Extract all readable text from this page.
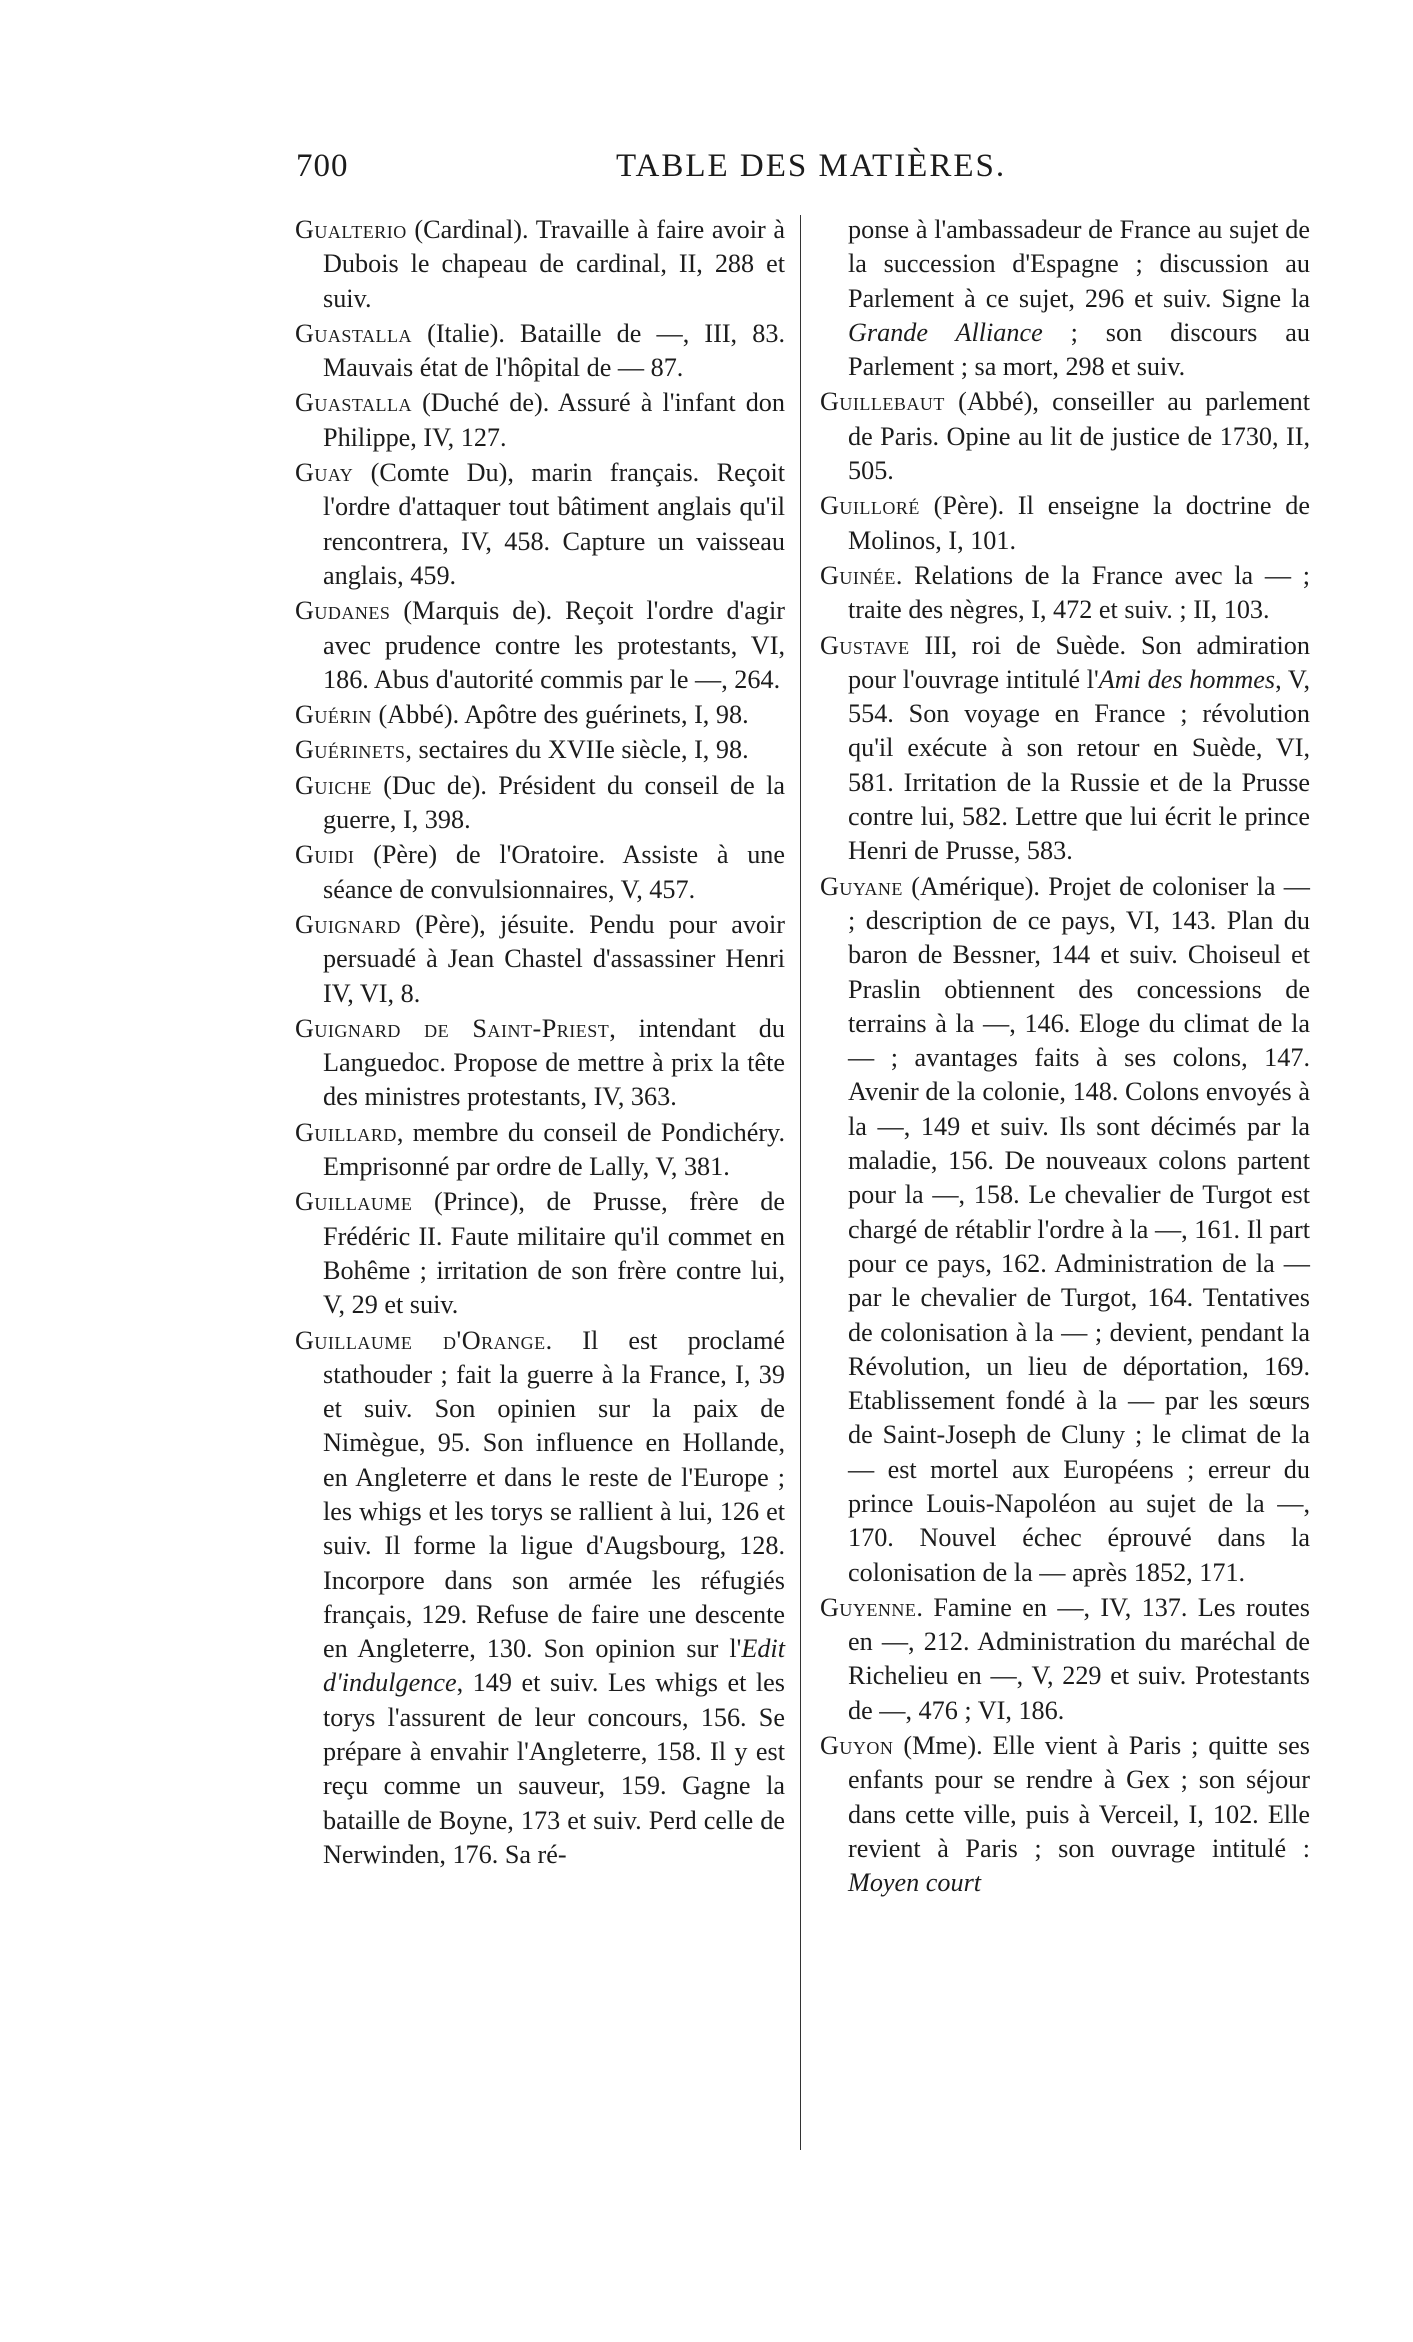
700	TABLE DES MATIÈRES.

Gualterio (Cardinal). Travaille à faire avoir à Dubois le chapeau de cardinal, II, 288 et suiv.

Guastalla (Italie). Bataille de —, III, 83. Mauvais état de l'hôpital de — 87.

Guastalla (Duché de). Assuré à l'infant don Philippe, IV, 127.

Guay (Comte Du), marin français. Reçoit l'ordre d'attaquer tout bâtiment anglais qu'il rencontrera, IV, 458. Capture un vaisseau anglais, 459.

Gudanes (Marquis de). Reçoit l'ordre d'agir avec prudence contre les protestants, VI, 186. Abus d'autorité commis par le —, 264.

Guérin (Abbé). Apôtre des guérinets, I, 98.

Guérinets, sectaires du XVIIe siècle, I, 98.

Guiche (Duc de). Président du conseil de la guerre, I, 398.

Guidi (Père) de l'Oratoire. Assiste à une séance de convulsionnaires, V, 457.

Guignard (Père), jésuite. Pendu pour avoir persuadé à Jean Chastel d'assassiner Henri IV, VI, 8.

Guignard de Saint-Priest, intendant du Languedoc. Propose de mettre à prix la tête des ministres protestants, IV, 363.

Guillard, membre du conseil de Pondichéry. Emprisonné par ordre de Lally, V, 381.

Guillaume (Prince), de Prusse, frère de Frédéric II. Faute militaire qu'il commet en Bohême ; irritation de son frère contre lui, V, 29 et suiv.

Guillaume d'Orange. Il est proclamé stathouder ; fait la guerre à la France, I, 39 et suiv. Son opinien sur la paix de Nimègue, 95. Son influence en Hollande, en Angleterre et dans le reste de l'Europe ; les whigs et les torys se rallient à lui, 126 et suiv. Il forme la ligue d'Augsbourg, 128. Incorpore dans son armée les réfugiés français, 129. Refuse de faire une descente en Angleterre, 130. Son opinion sur l'Edit d'indulgence, 149 et suiv. Les whigs et les torys l'assurent de leur concours, 156. Se prépare à envahir l'Angleterre, 158. Il y est reçu comme un sauveur, 159. Gagne la bataille de Boyne, 173 et suiv. Perd celle de Nerwinden, 176. Sa ré-

ponse à l'ambassadeur de France au sujet de la succession d'Espagne ; discussion au Parlement à ce sujet, 296 et suiv. Signe la Grande Alliance ; son discours au Parlement ; sa mort, 298 et suiv.

Guillebaut (Abbé), conseiller au parlement de Paris. Opine au lit de justice de 1730, II, 505.

Guilloré (Père). Il enseigne la doctrine de Molinos, I, 101.

Guinée. Relations de la France avec la — ; traite des nègres, I, 472 et suiv. ; II, 103.

Gustave III, roi de Suède. Son admiration pour l'ouvrage intitulé l'Ami des hommes, V, 554. Son voyage en France ; révolution qu'il exécute à son retour en Suède, VI, 581. Irritation de la Russie et de la Prusse contre lui, 582. Lettre que lui écrit le prince Henri de Prusse, 583.

Guyane (Amérique). Projet de coloniser la — ; description de ce pays, VI, 143. Plan du baron de Bessner, 144 et suiv. Choiseul et Praslin obtiennent des concessions de terrains à la —, 146. Eloge du climat de la — ; avantages faits à ses colons, 147. Avenir de la colonie, 148. Colons envoyés à la —, 149 et suiv. Ils sont décimés par la maladie, 156. De nouveaux colons partent pour la —, 158. Le chevalier de Turgot est chargé de rétablir l'ordre à la —, 161. Il part pour ce pays, 162. Administration de la — par le chevalier de Turgot, 164. Tentatives de colonisation à la — ; devient, pendant la Révolution, un lieu de déportation, 169. Etablissement fondé à la — par les sœurs de Saint-Joseph de Cluny ; le climat de la — est mortel aux Européens ; erreur du prince Louis-Napoléon au sujet de la —, 170. Nouvel échec éprouvé dans la colonisation de la — après 1852, 171.

Guyenne. Famine en —, IV, 137. Les routes en —, 212. Administration du maréchal de Richelieu en —, V, 229 et suiv. Protestants de —, 476 ; VI, 186.

Guyon (Mme). Elle vient à Paris ; quitte ses enfants pour se rendre à Gex ; son séjour dans cette ville, puis à Verceil, I, 102. Elle revient à Paris ; son ouvrage intitulé : Moyen court
